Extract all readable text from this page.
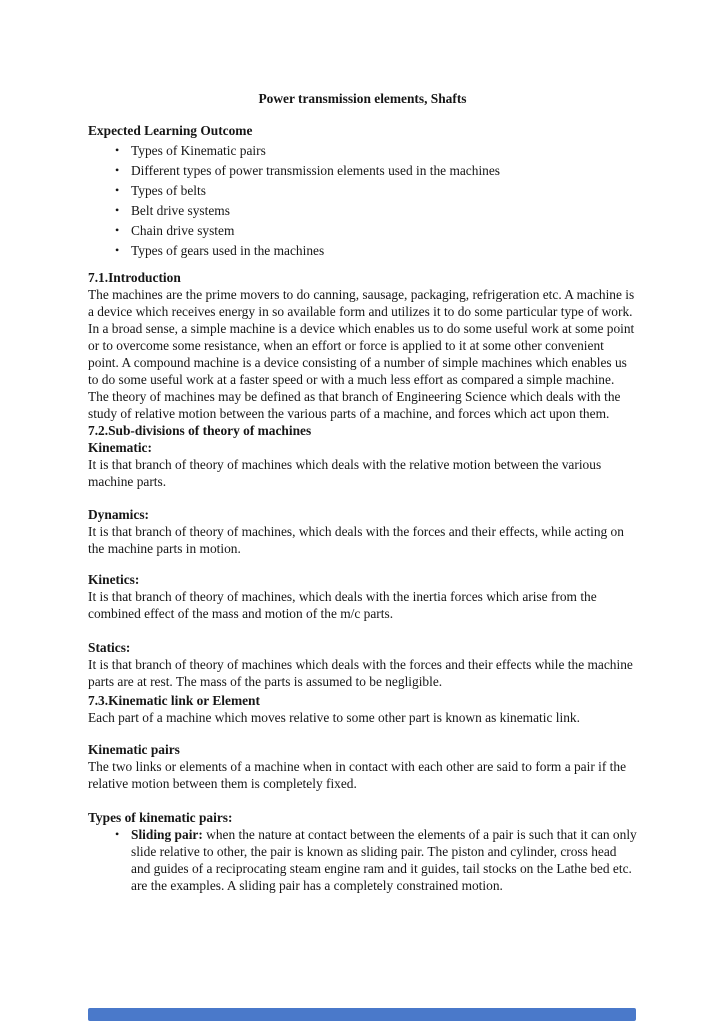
Power transmission elements, Shafts
Expected Learning Outcome
• Types of Kinematic pairs
• Different types of power transmission elements used in the machines
• Types of belts
• Belt drive systems
• Chain drive system
• Types of gears used in the machines
7.1.Introduction

The machines are the prime movers to do canning, sausage, packaging, refrigeration etc. A machine is a device which receives energy in so available form and utilizes it to do some particular type of work. In a broad sense, a simple machine is a device which enables us to do some useful work at some point or to overcome some resistance, when an effort or force is applied to it at some other convenient point. A compound machine is a device consisting of a number of simple machines which enables us to do some useful work at a faster speed or with a much less effort as compared a simple machine. The theory of machines may be defined as that branch of Engineering Science which deals with the study of relative motion between the various parts of a machine, and forces which act upon them.

7.2.Sub-divisions of theory of machines
Kinematic:

It is that branch of theory of machines which deals with the relative motion between the various machine parts.

Dynamics:

It is that branch of theory of machines, which deals with the forces and their effects, while acting on the machine parts in motion.

Kinetics:

It is that branch of theory of machines, which deals with the inertia forces which arise from the combined effect of the mass and motion of the m/c parts.

Statics:

It is that branch of theory of machines which deals with the forces and their effects while the machine parts are at rest. The mass of the parts is assumed to be negligible.

7.3.Kinematic link or Element

Each part of a machine which moves relative to some other part is known as kinematic link.

Kinematic pairs

The two links or elements of a machine when in contact with each other are said to form a pair if the relative motion between them is completely fixed.

Types of kinematic pairs:
• Sliding pair: when the nature at contact between the elements of a pair is such that it can only slide relative to other, the pair is known as sliding pair. The piston and cylinder, cross head and guides of a reciprocating steam engine ram and it guides, tail stocks on the Lathe bed etc. are the examples. A sliding pair has a completely constrained motion.
